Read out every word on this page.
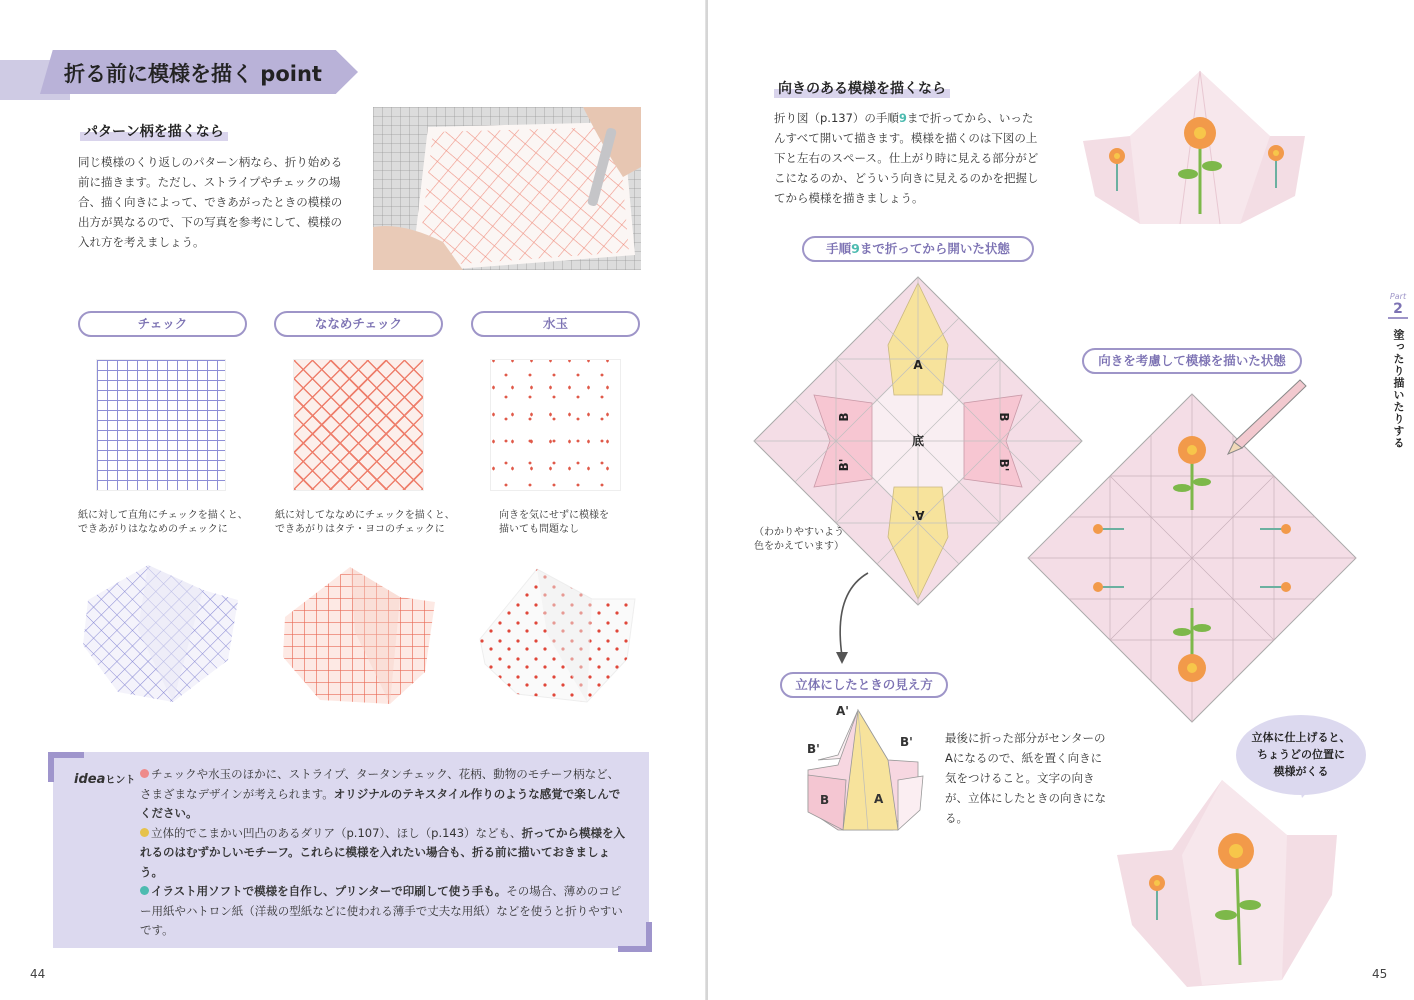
折る前に模様を描く point
パターン柄を描くなら
同じ模様のくり返しのパターン柄なら、折り始める前に描きます。ただし、ストライプやチェックの場合、描く向きによって、できあがったときの模様の出方が異なるので、下の写真を参考にして、模様の入れ方を考えましょう。
チェック	ななめチェック	水玉
紙に対して直角にチェックを描くと、
できあがりはななめのチェックに
紙に対してななめにチェックを描くと、
できあがりはタテ・ヨコのチェックに
向きを気にせずに模様を
描いても問題なし
ideaヒント	チェックや水玉のほかに、ストライプ、タータンチェック、花柄、動物のモチーフ柄など、さまざまなデザインが考えられます。オリジナルのテキスタイル作りのような感覚で楽しんでください。
立体的でこまかい凹凸のあるダリア（p.107）、ほし（p.143）なども、折ってから模様を入れるのはむずかしいモチーフ。これらに模様を入れたい場合も、折る前に描いておきましょう。
イラスト用ソフトで模様を自作し、プリンターで印刷して使う手も。その場合、薄めのコピー用紙やハトロン紙（洋裁の型紙などに使われる薄手で丈夫な用紙）などを使うと折りやすいです。
44
向きのある模様を描くなら
折り図（p.137）の手順9まで折ってから、いったんすべて開いて描きます。模様を描くのは下図の上下と左右のスペース。仕上がり時に見える部分がどこになるのか、どういう向きに見えるのかを把握してから模様を描きましょう。
手順9まで折ってから開いた状態
A
A'
B
B'
B
B'
底
（わかりやすいよう
色をかえています）
向きを考慮して模様を描いた状態
立体にしたときの見え方
A'
B'	B'
B	A
最後に折った部分がセンターのAになるので、紙を置く向きに気をつけること。文字の向きが、立体にしたときの向きになる。
立体に仕上げると、
ちょうどの位置に
模様がくる
Part
2
塗ったり描いたりする
45
